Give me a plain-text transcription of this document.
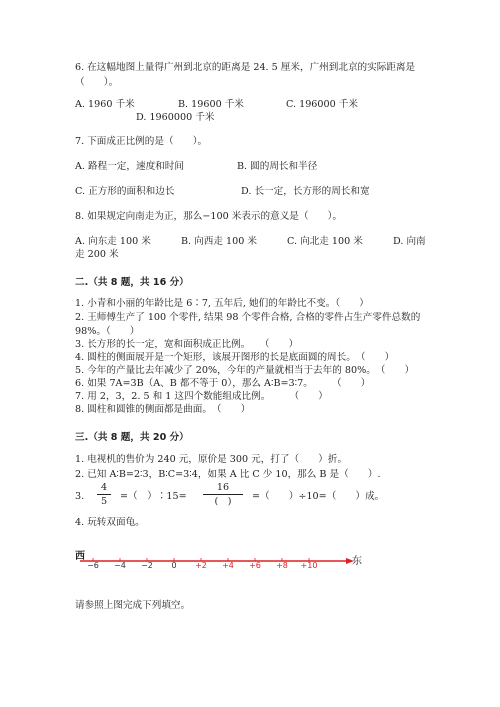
6. 在这幅地图上量得广州到北京的距离是 24. 5 厘米，广州到北京的实际距离是
（　　）。
A. 1960 千米	B. 19600 千米	C. 196000 千米
D. 1960000 千米
7. 下面成正比例的是（　　）。
A. 路程一定，速度和时间	B. 圆的周长和半径
C. 正方形的面积和边长	D. 长一定，长方形的周长和宽
8. 如果规定向南走为正，那么−100 米表示的意义是（　　）。
A. 向东走 100 米	B. 向西走 100 米	C. 向北走 100 米	D. 向南
走 200 米
二.（共 8 题，共 16 分）
1. 小青和小丽的年龄比是 6∶7, 五年后, 她们的年龄比不变。（　　）
2. 王师傅生产了 100 个零件, 结果 98 个零件合格, 合格的零件占生产零件总数的
98%。（　　）
3. 长方形的长一定，宽和面积成正比例。　　（　　）
4. 圆柱的侧面展开是一个矩形，该展开图形的长是底面圆的周长。　（　　）
5. 今年的产量比去年减少了 20%，今年的产量就相当于去年的 80%。　（　　）
6. 如果 7A=3B（A、B 都不等于 0），那么 A∶B=3∶7。　　　（　　）
7. 用 2，3，2. 5 和 1 这四个数能组成比例。　　　（　　）
8. 圆柱和圆锥的侧面都是曲面。　（　　）
三.（共 8 题，共 20 分）
1. 电视机的售价为 240 元，原价是 300 元，打了（　　）折。
2. 已知 A∶B=2∶3，B∶C=3∶4，如果 A 比 C 少 10，那么 B 是（　　）.
3.
4
5	=（　）∶15=
16
(　)	=（　　）÷10=（　　）成。
4. 玩转双面龟。
西	东
−6 −4 −2 0 +2 +4 +6 +8 +10
请参照上图完成下列填空。
